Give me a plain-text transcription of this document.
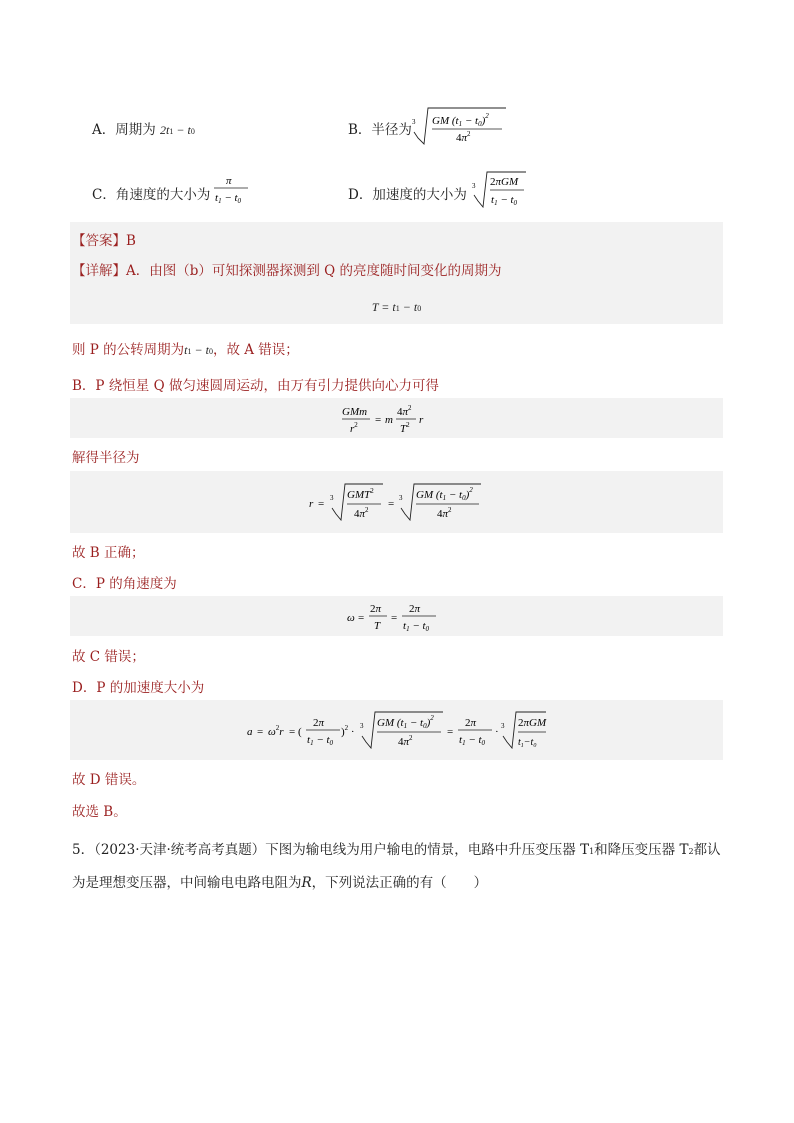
A．周期为 2t1 − t0	B．半径为 3 GM $(t1 - t0)^2$
$4\pi^2$
C．角速度的大小为
π
t1 − t0	D．加速度的大小为
3 2πGM
t1 − t0
【答案】B
【详解】A．由图（b）可知探测器探测到 Q 的亮度随时间变化的周期为
T = t1 − t0
则 P 的公转周期为t1 − t0，故 A 错误；
B．P 绕恒星 Q 做匀速圆周运动，由万有引力提供向心力可得
GMm
$r^2 = m$
$4\pi^2$
$T^2$ r
解得半径为
r = 3 GMT$^2$
$4\pi^2 = 3$ GM $(t1 - t0)^2$
$4\pi^2$
故 B 正确；
C．P 的角速度为
ω =
2π
T
=
2π
t1 − t0
故 C 错误；
D．P 的加速度大小为
$a = \omega^2r$ = (
2π
t1 − t0
)$^2$ · 3 GM $(t1 - t0)^2$
$4\pi^2$	=
2π
t1 − t0
· 3 2πGM
$t_1-t_0$
故 D 错误。
故选 B。
5．（2023·天津·统考高考真题）下图为输电线为用户输电的情景，电路中升压变压器 T1和降压变压器 T2都认
为是理想变压器，中间输电电路电阻为R，下列说法正确的有（　　）
